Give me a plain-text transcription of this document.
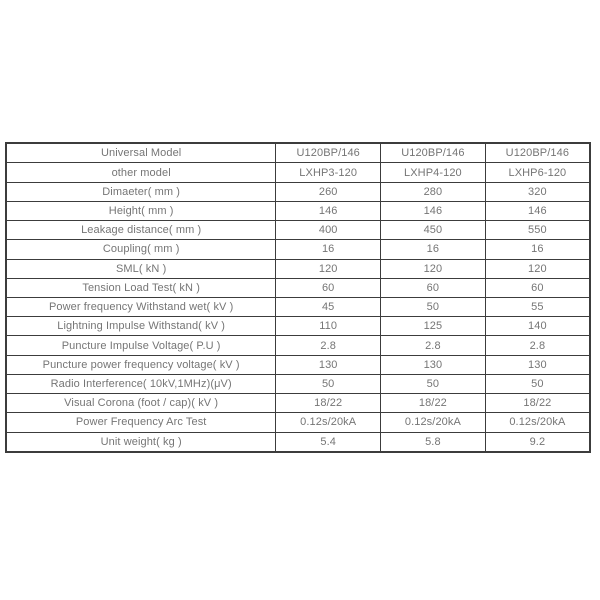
Universal Model	U120BP/146	U120BP/146	U120BP/146
other model	LXHP3-120	LXHP4-120	LXHP6-120
Dimaeter( mm )	260	280	320
Height( mm )	146	146	146
Leakage distance( mm )	400	450	550
Coupling( mm )	16	16	16
SML( kN )	120	120	120
Tension Load Test( kN )	60	60	60
Power frequency Withstand wet( kV )	45	50	55
Lightning Impulse Withstand( kV )	110	125	140
Puncture Impulse Voltage( P.U )	2.8	2.8	2.8
Puncture power frequency voltage( kV )	130	130	130
Radio Interference( 10kV,1MHz)(μV)	50	50	50
Visual Corona (foot / cap)( kV )	18/22	18/22	18/22
Power Frequency Arc Test	0.12s/20kA	0.12s/20kA	0.12s/20kA
Unit weight( kg )	5.4	5.8	9.2
